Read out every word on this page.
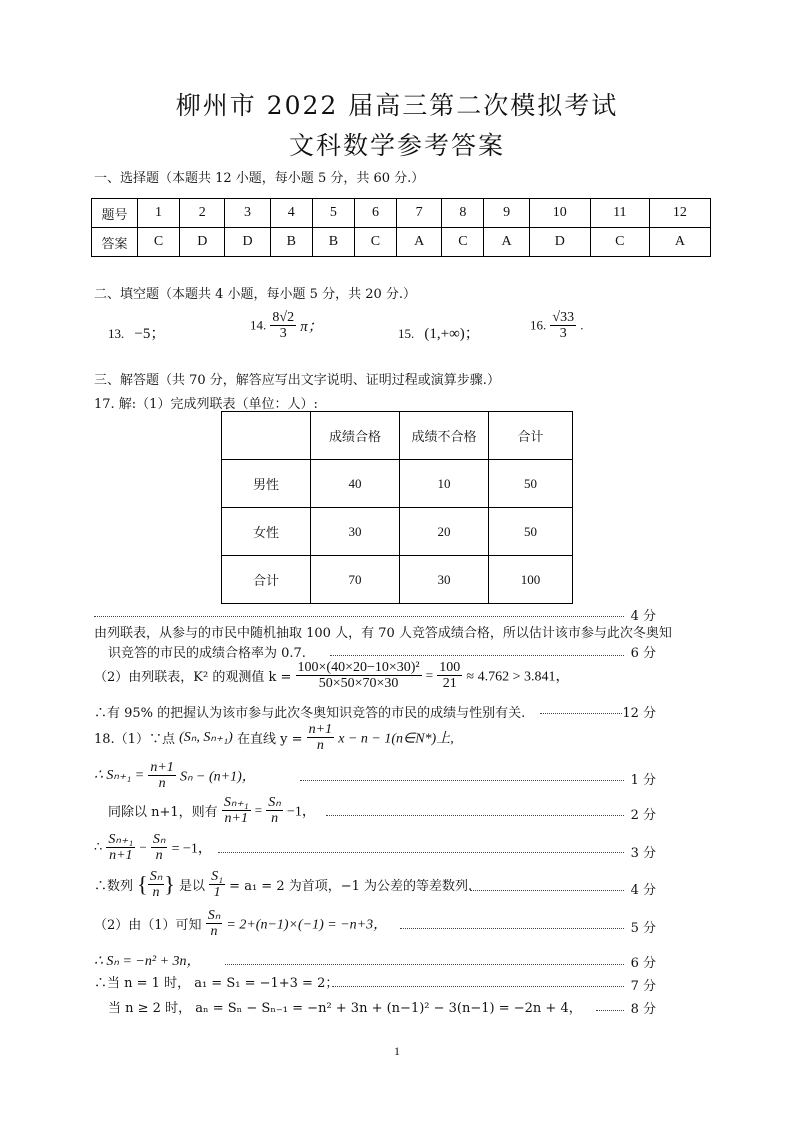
柳州市 2022 届高三第二次模拟考试
文科数学参考答案
一、选择题（本题共 12 小题，每小题 5 分，共 60 分.）
题号	1	2	3	4	5	6	7	8	9	10	11	12
答案	C	D	D	B	B	C	A	C	A	D	C	A
二、填空题（本题共 4 小题，每小题 5 分，共 20 分.）
13. −5；
14. $\frac{8√2}{3}$ π；	15. (1,+∞)；
16. $\frac{√33}{3}$ .
三、解答题（共 70 分，解答应写出文字说明、证明过程或演算步骤.）
17. 解:（1）完成列联表（单位：人）:
	成绩合格	成绩不合格	合计
男性	40	10	50
女性	30	20	50
合计	70	30	100
4 分
由列联表，从参与的市民中随机抽取 100 人，有 70 人竞答成绩合格，所以估计该市参与此次冬奥知
识竞答的市民的成绩合格率为 0.7.	6 分
（2）由列联表，K² 的观测值 $k = \frac{\text{100×(40×20−10×30)²}}{50\times 50\times 70\times 30} = \frac{100}{21} \approx 4.762 > 3.841$，
∴有 95% 的把握认为该市参与此次冬奥知识竞答的市民的成绩与性别有关.	12 分
18.（1）∵点 (Sₙ, Sₙ₊₁) 在直线 $y = \frac{n+1}{n}$ x − n − 1(n∈N*)上,
∴ $S_{n+1} = \frac{n+1}{n}$ Sₙ − (n+1)，	1 分
同除以 n+1，则有 $\frac{\text{Sₙ₊₁}}{n+1} = \frac{\text{Sₙ}}{n} -1$，	2 分
∴ $\frac{\text{Sₙ₊₁}}{n+1} - \frac{\text{Sₙ}}{n} = -1$，	3 分
∴数列 { $\frac{\text{Sₙ}}{n}$ } 是以 $\frac{\text{S₁}}{1} = a_1 = 2$ 为首项，−1 为公差的等差数列.	4 分
（2）由（1）可知 $\frac{\text{Sₙ}}{n} = 2+(n-1)\times(-1) = -n+3$，	5 分
∴ Sₙ = −n² + 3n，	6 分
∴当 n = 1 时， a₁ = S₁ = −1+3 = 2；	7 分
当 n ≥ 2 时， aₙ = Sₙ − Sₙ₋₁ = −n² + 3n + (n−1)² − 3(n−1) = −2n + 4，	8 分
1
